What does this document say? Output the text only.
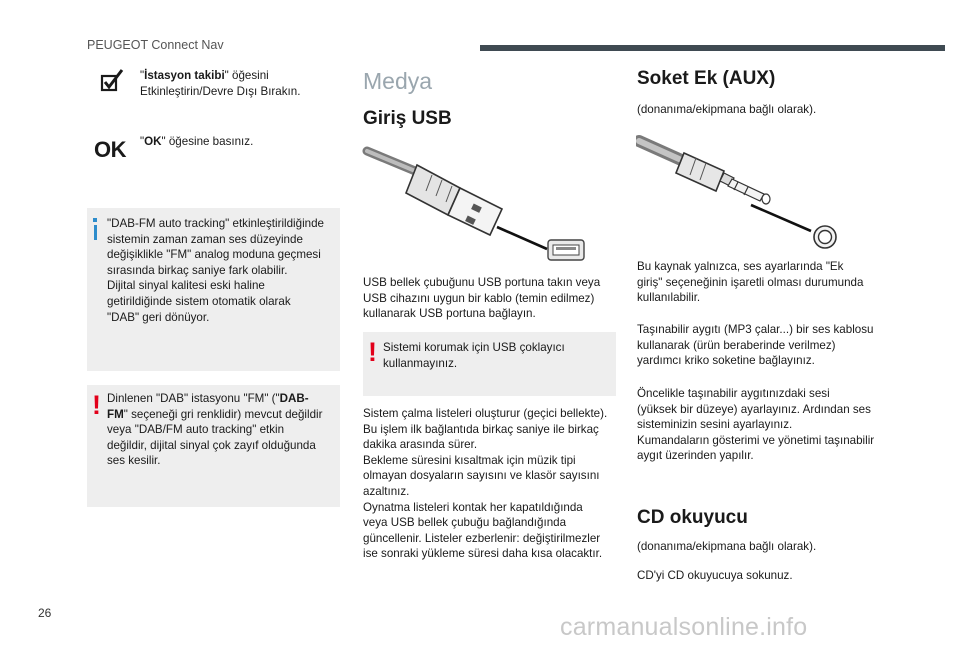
PEUGEOT Connect Nav

"İstasyon takibi" öğesini

Etkinleştirin/Devre Dışı Bırakın.

OK "OK" öğesine basınız.

"DAB-FM auto tracking" etkinleştirildiğinde

sistemin zaman zaman ses düzeyinde

değişiklikle "FM" analog moduna geçmesi

sırasında birkaç saniye fark olabilir.

Dijital sinyal kalitesi eski haline

getirildiğinde sistem otomatik olarak

"DAB" geri dönüyor.

! Dinlenen "DAB" istasyonu "FM" ("DAB-

FM" seçeneği gri renklidir) mevcut değildir

veya "DAB/FM auto tracking" etkin

değildir, dijital sinyal çok zayıf olduğunda

ses kesilir.

Medya
Giriş USB

USB bellek çubuğunu USB portuna takın veya

USB cihazını uygun bir kablo (temin edilmez)

kullanarak USB portuna bağlayın.

! Sistemi korumak için USB çoklayıcı

kullanmayınız.

Sistem çalma listeleri oluşturur (geçici bellekte).

Bu işlem ilk bağlantıda birkaç saniye ile birkaç

dakika arasında sürer.

Bekleme süresini kısaltmak için müzik tipi

olmayan dosyaların sayısını ve klasör sayısını

azaltınız.

Oynatma listeleri kontak her kapatıldığında

veya USB bellek çubuğu bağlandığında

güncellenir. Listeler ezberlenir: değiştirilmezler

ise sonraki yükleme süresi daha kısa olacaktır.

Soket Ek (AUX)
(donanıma/ekipmana bağlı olarak).

Bu kaynak yalnızca, ses ayarlarında "Ek

giriş" seçeneğinin işaretli olması durumunda

kullanılabilir.

Taşınabilir aygıtı (MP3 çalar...) bir ses kablosu

kullanarak (ürün beraberinde verilmez)

yardımcı kriko soketine bağlayınız.

Öncelikle taşınabilir aygıtınızdaki sesi

(yüksek bir düzeye) ayarlayınız. Ardından ses

sisteminizin sesini ayarlayınız.

Kumandaların gösterimi ve yönetimi taşınabilir

aygıt üzerinden yapılır.

CD okuyucu
(donanıma/ekipmana bağlı olarak).
CD'yi CD okuyucuya sokunuz.
26	carmanualsonline.info
